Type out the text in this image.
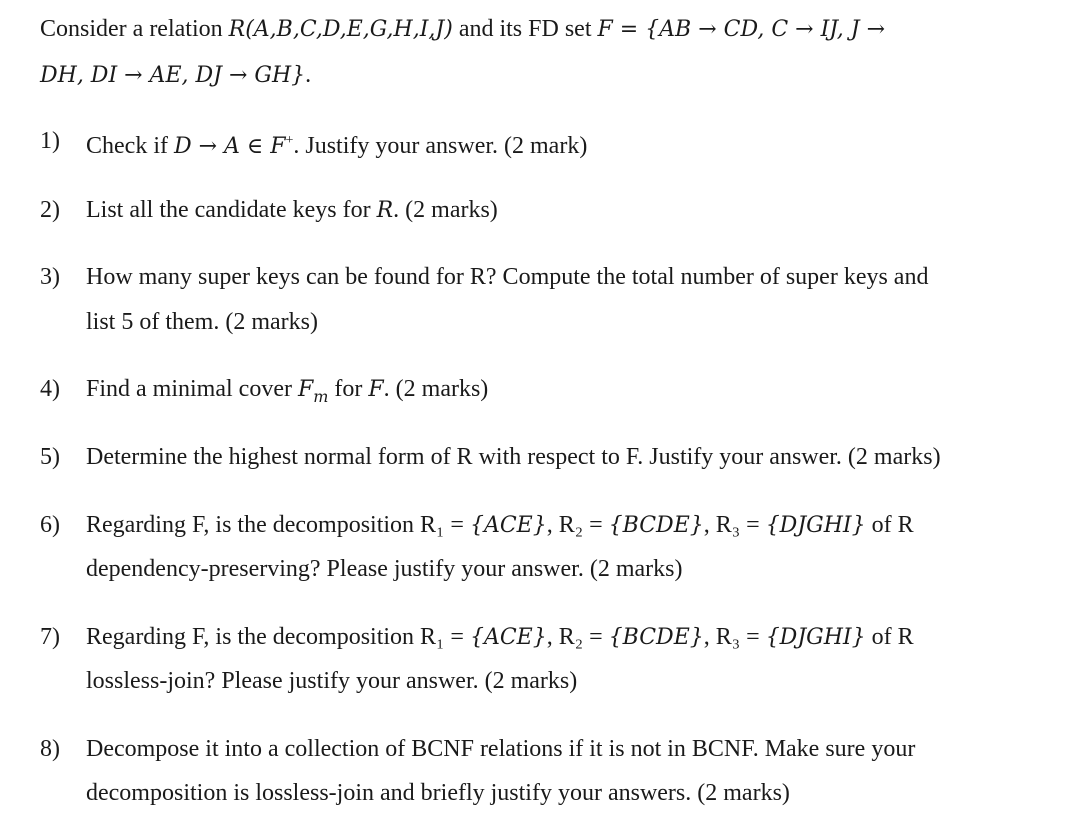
Consider a relation R(A,B,C,D,E,G,H,I,J) and its FD set F = {AB → CD, C → IJ, J →
DH, DI → AE, DJ → GH}.
1) Check if D → A ∈ F+. Justify your answer. (2 mark)
2) List all the candidate keys for R. (2 marks)
3) How many super keys can be found for R? Compute the total number of super keys and
list 5 of them. (2 marks)
4) Find a minimal cover $F_m$ for F. (2 marks)
5) Determine the highest normal form of R with respect to F. Justify your answer. (2 marks)
6) Regarding F, is the decomposition R₁ = {ACE}, R₂ = {BCDE}, R₃ = {DJGHI} of R
dependency-preserving? Please justify your answer. (2 marks)
7) Regarding F, is the decomposition R₁ = {ACE}, R₂ = {BCDE}, R₃ = {DJGHI} of R
lossless-join? Please justify your answer. (2 marks)
8) Decompose it into a collection of BCNF relations if it is not in BCNF. Make sure your
decomposition is lossless-join and briefly justify your answers. (2 marks)
